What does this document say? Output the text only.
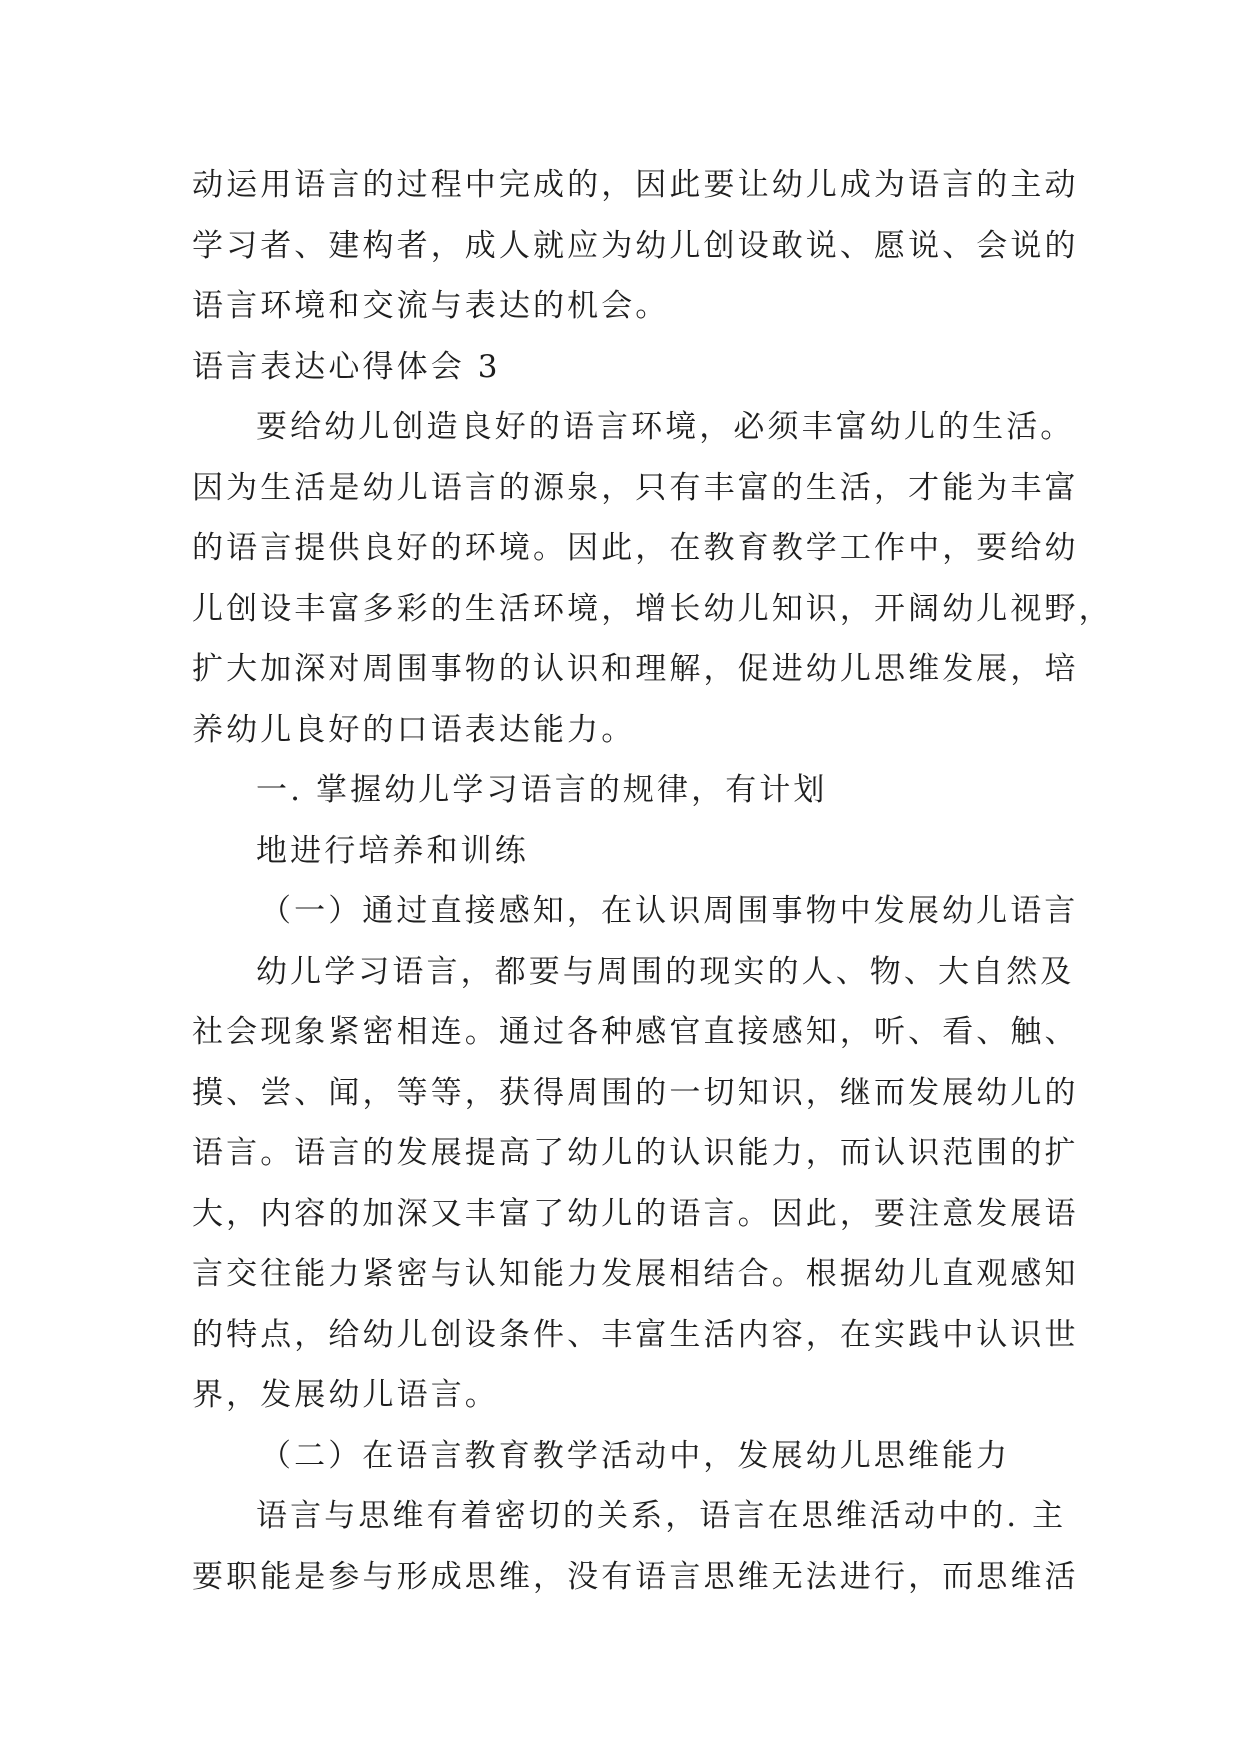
动运用语言的过程中完成的，因此要让幼儿成为语言的主动
学习者、建构者，成人就应为幼儿创设敢说、愿说、会说的
语言环境和交流与表达的机会。
语言表达心得体会 3
要给幼儿创造良好的语言环境，必须丰富幼儿的生活。
因为生活是幼儿语言的源泉，只有丰富的生活，才能为丰富
的语言提供良好的环境。因此，在教育教学工作中，要给幼
儿创设丰富多彩的生活环境，增长幼儿知识，开阔幼儿视野，
扩大加深对周围事物的认识和理解，促进幼儿思维发展，培
养幼儿良好的口语表达能力。
一. 掌握幼儿学习语言的规律，有计划
地进行培养和训练
（一）通过直接感知，在认识周围事物中发展幼儿语言
幼儿学习语言，都要与周围的现实的人、物、大自然及
社会现象紧密相连。通过各种感官直接感知，听、看、触、
摸、尝、闻，等等，获得周围的一切知识，继而发展幼儿的
语言。语言的发展提高了幼儿的认识能力，而认识范围的扩
大，内容的加深又丰富了幼儿的语言。因此，要注意发展语
言交往能力紧密与认知能力发展相结合。根据幼儿直观感知
的特点，给幼儿创设条件、丰富生活内容，在实践中认识世
界，发展幼儿语言。
（二）在语言教育教学活动中，发展幼儿思维能力
语言与思维有着密切的关系，语言在思维活动中的. 主
要职能是参与形成思维，没有语言思维无法进行，而思维活
